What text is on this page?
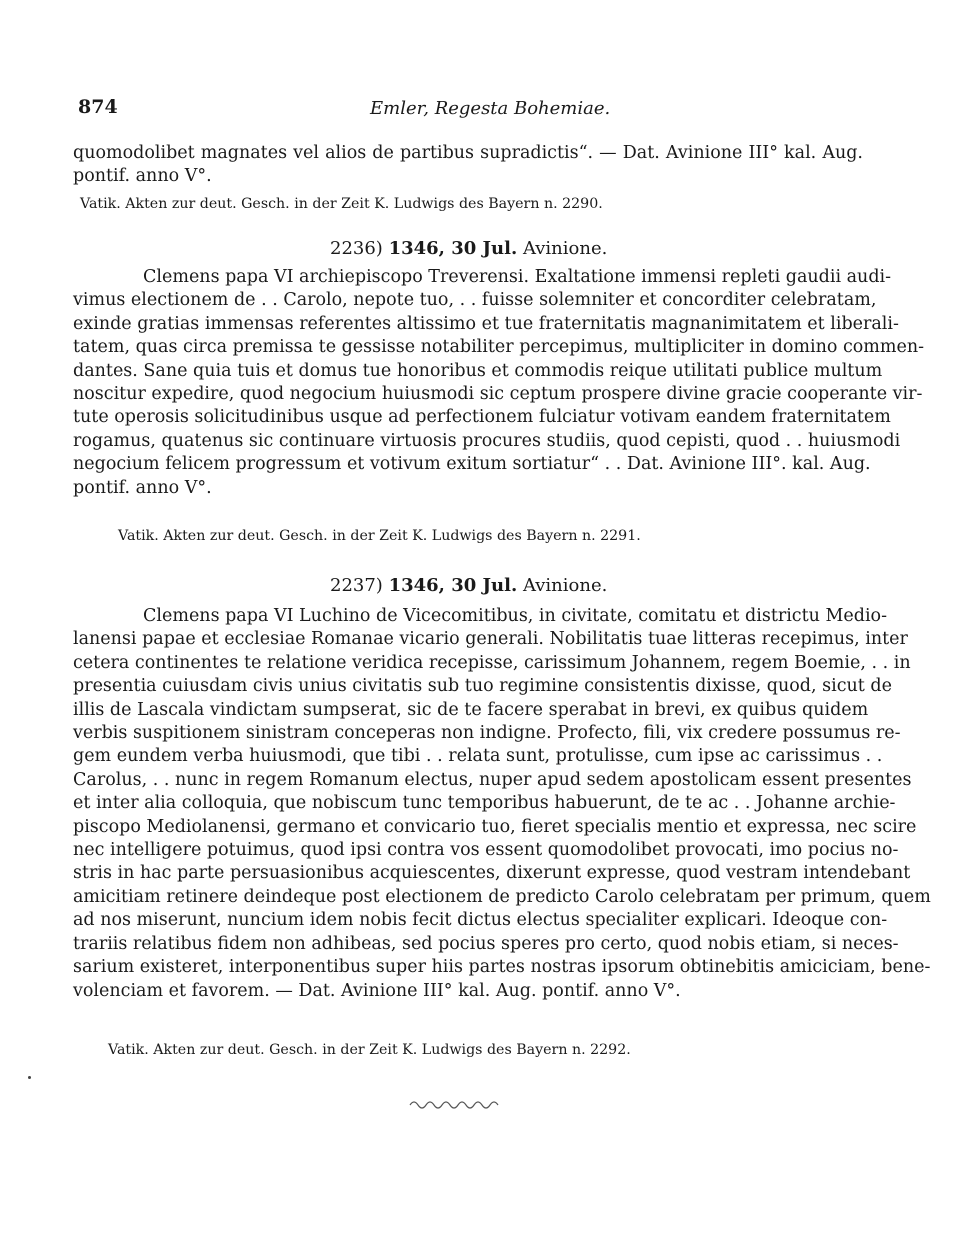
874	Emler, Regesta Bohemiae.
quomodolibet magnates vel alios de partibus supradictis“. — Dat. Avinione III° kal. Aug.
pontif. anno V°.
Vatik. Akten zur deut. Gesch. in der Zeit K. Ludwigs des Bayern n. 2290.
2236) 1346, 30 Jul. Avinione.
Clemens papa VI archiepiscopo Treverensi. Exaltatione immensi repleti gaudii audi-
vimus electionem de . . Carolo, nepote tuo, . . fuisse solemniter et concorditer celebratam,
exinde gratias immensas referentes altissimo et tue fraternitatis magnanimitatem et liberali-
tatem, quas circa premissa te gessisse notabiliter percepimus, multipliciter in domino commen-
dantes. Sane quia tuis et domus tue honoribus et commodis reique utilitati publice multum
noscitur expedire, quod negocium huiusmodi sic ceptum prospere divine gracie cooperante vir-
tute operosis solicitudinibus usque ad perfectionem fulciatur votivam eandem fraternitatem
rogamus, quatenus sic continuare virtuosis procures studiis, quod cepisti, quod . . huiusmodi
negocium felicem progressum et votivum exitum sortiatur“ . . Dat. Avinione III°. kal. Aug.
pontif. anno V°.
Vatik. Akten zur deut. Gesch. in der Zeit K. Ludwigs des Bayern n. 2291.
2237) 1346, 30 Jul. Avinione.
Clemens papa VI Luchino de Vicecomitibus, in civitate, comitatu et districtu Medio-
lanensi papae et ecclesiae Romanae vicario generali. Nobilitatis tuae litteras recepimus, inter
cetera continentes te relatione veridica recepisse, carissimum Johannem, regem Boemie, . . in
presentia cuiusdam civis unius civitatis sub tuo regimine consistentis dixisse, quod, sicut de
illis de Lascala vindictam sumpserat, sic de te facere sperabat in brevi, ex quibus quidem
verbis suspitionem sinistram conceperas non indigne. Profecto, fili, vix credere possumus re-
gem eundem verba huiusmodi, que tibi . . relata sunt, protulisse, cum ipse ac carissimus . .
Carolus, . . nunc in regem Romanum electus, nuper apud sedem apostolicam essent presentes
et inter alia colloquia, que nobiscum tunc temporibus habuerunt, de te ac . . Johanne archie-
piscopo Mediolanensi, germano et convicario tuo, fieret specialis mentio et expressa, nec scire
nec intelligere potuimus, quod ipsi contra vos essent quomodolibet provocati, imo pocius no-
stris in hac parte persuasionibus acquiescentes, dixerunt expresse, quod vestram intendebant
amicitiam retinere deindeque post electionem de predicto Carolo celebratam per primum, quem
ad nos miserunt, nuncium idem nobis fecit dictus electus specialiter explicari. Ideoque con-
trariis relatibus fidem non adhibeas, sed pocius speres pro certo, quod nobis etiam, si neces-
sarium existeret, interponentibus super hiis partes nostras ipsorum obtinebitis amiciciam, bene-
volenciam et favorem. — Dat. Avinione III° kal. Aug. pontif. anno V°.
Vatik. Akten zur deut. Gesch. in der Zeit K. Ludwigs des Bayern n. 2292.
